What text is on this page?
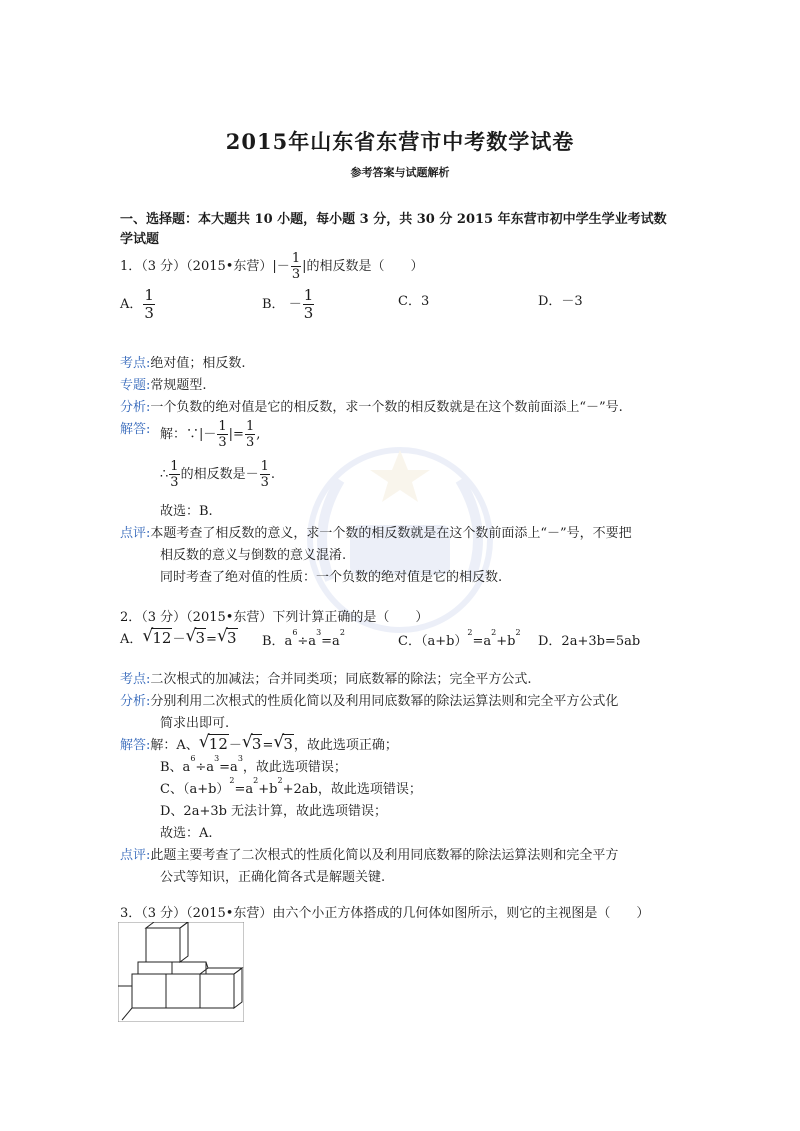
2015年山东省东营市中考数学试卷
参考答案与试题解析
一、选择题：本大题共 10 小题，每小题 3 分，共 30 分 2015 年东营市初中学生学业考试数
学试题
1．（3 分）（2015•东营）|－ $\frac{1}{3}$ |的相反数是（　　）
A． $\frac{1}{3}$	B． － $\frac{1}{3}$	C．3	D．－3
考点:绝对值；相反数.
专题:常规题型.
分析:一个负数的绝对值是它的相反数，求一个数的相反数就是在这个数前面添上“－”号.
解答: 解：∵|－ $\frac{1}{3}$ |= $\frac{1}{3}$ ,
∴ $\frac{1}{3}$ 的相反数是－ $\frac{1}{3}$ .
故选：B.
点评:本题考查了相反数的意义，求一个数的相反数就是在这个数前面添上“－”号，不要把
相反数的意义与倒数的意义混淆.
同时考查了绝对值的性质：一个负数的绝对值是它的相反数.
2．（3 分）（2015•东营）下列计算正确的是（　　）
A． √ 12－ √ 3= √ 3 B．$a^6\div a^3=a^2$
C．$(a+b)^2=a^2+b^2$
D．2a+3b=5ab
考点:二次根式的加减法；合并同类项；同底数幂的除法；完全平方公式.
分析:分别利用二次根式的性质化简以及利用同底数幂的除法运算法则和完全平方公式化
简求出即可.
解答:解：A、 √ 12－ √ 3= √ 3，故此选项正确；
B、$a^6\div a^3=a^3$，故此选项错误；
C、$(a+b)^2=a^2+b^2+2ab$，故此选项错误；
D、2a+3b 无法计算，故此选项错误；
故选：A.
点评:此题主要考查了二次根式的性质化简以及利用同底数幂的除法运算法则和完全平方
公式等知识，正确化简各式是解题关键.
3．（3 分）（2015•东营）由六个小正方体搭成的几何体如图所示，则它的主视图是（　　）
